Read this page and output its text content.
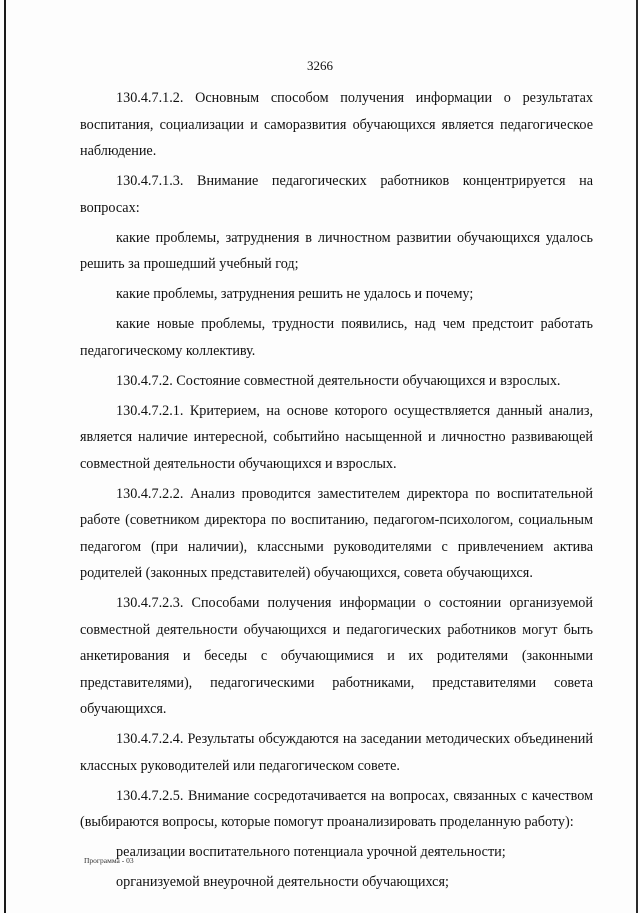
3266

130.4.7.1.2. Основным способом получения информации о результатах воспитания, социализации и саморазвития обучающихся является педагогическое наблюдение.

130.4.7.1.3. Внимание педагогических работников концентрируется на вопросах:

какие проблемы, затруднения в личностном развитии обучающихся удалось решить за прошедший учебный год;

какие проблемы, затруднения решить не удалось и почему;

какие новые проблемы, трудности появились, над чем предстоит работать педагогическому коллективу.

130.4.7.2. Состояние совместной деятельности обучающихся и взрослых.

130.4.7.2.1. Критерием, на основе которого осуществляется данный анализ, является наличие интересной, событийно насыщенной и личностно развивающей совместной деятельности обучающихся и взрослых.

130.4.7.2.2. Анализ проводится заместителем директора по воспитательной работе (советником директора по воспитанию, педагогом-психологом, социальным педагогом (при наличии), классными руководителями с привлечением актива родителей (законных представителей) обучающихся, совета обучающихся.

130.4.7.2.3. Способами получения информации о состоянии организуемой совместной деятельности обучающихся и педагогических работников могут быть анкетирования и беседы с обучающимися и их родителями (законными представителями), педагогическими работниками, представителями совета обучающихся.

130.4.7.2.4. Результаты обсуждаются на заседании методических объединений классных руководителей или педагогическом совете.

130.4.7.2.5. Внимание сосредотачивается на вопросах, связанных с качеством (выбираются вопросы, которые помогут проанализировать проделанную работу):

реализации воспитательного потенциала урочной деятельности;

организуемой внеурочной деятельности обучающихся;

Программа - 03
